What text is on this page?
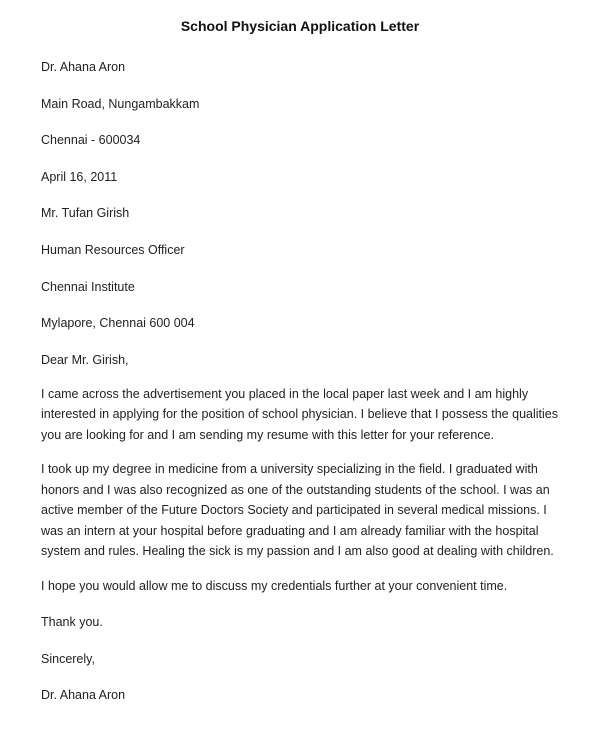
School Physician Application Letter

Dr. Ahana Aron

Main Road, Nungambakkam

Chennai - 600034

April 16, 2011

Mr. Tufan Girish

Human Resources Officer

Chennai Institute

Mylapore, Chennai 600 004

Dear Mr. Girish,

I came across the advertisement you placed in the local paper last week and I am highly interested in applying for the position of school physician. I believe that I possess the qualities you are looking for and I am sending my resume with this letter for your reference.

I took up my degree in medicine from a university specializing in the field. I graduated with honors and I was also recognized as one of the outstanding students of the school. I was an active member of the Future Doctors Society and participated in several medical missions. I was an intern at your hospital before graduating and I am already familiar with the hospital system and rules. Healing the sick is my passion and I am also good at dealing with children.

I hope you would allow me to discuss my credentials further at your convenient time.

Thank you.

Sincerely,

Dr. Ahana Aron
